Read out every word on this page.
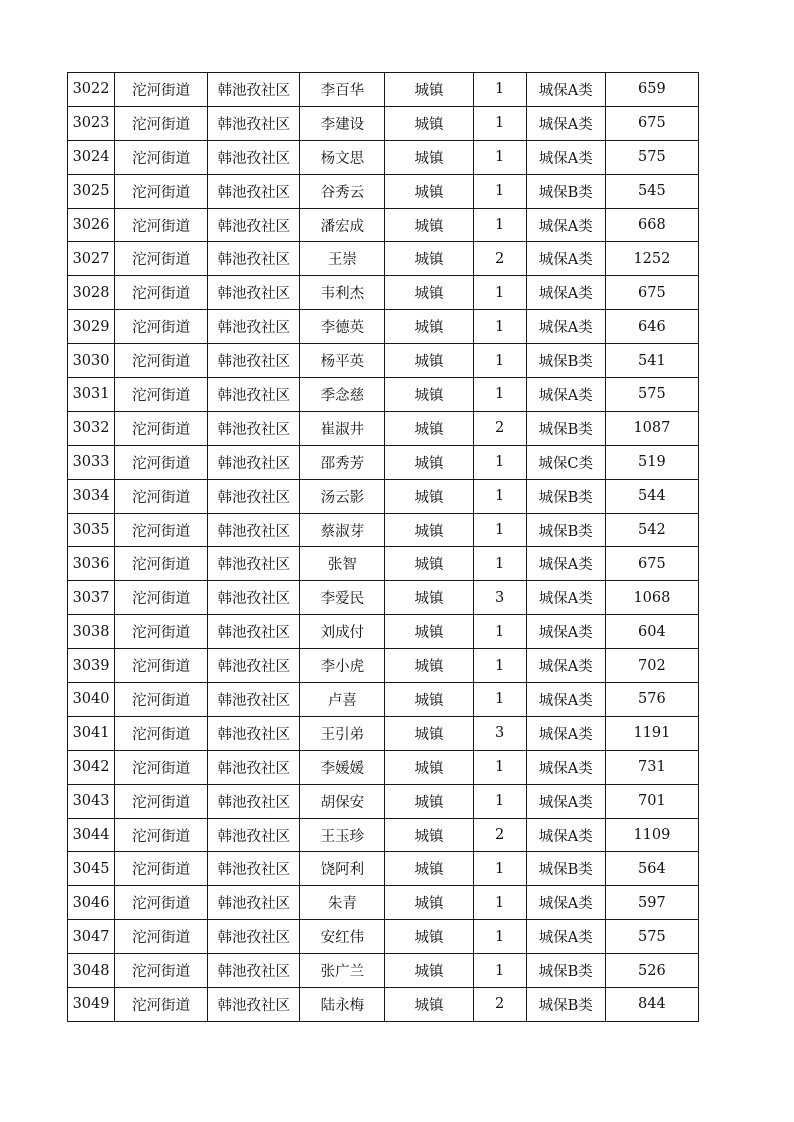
3022	沱河街道	韩池孜社区	李百华	城镇	1	城保A类	659
3023	沱河街道	韩池孜社区	李建设	城镇	1	城保A类	675
3024	沱河街道	韩池孜社区	杨文思	城镇	1	城保A类	575
3025	沱河街道	韩池孜社区	谷秀云	城镇	1	城保B类	545
3026	沱河街道	韩池孜社区	潘宏成	城镇	1	城保A类	668
3027	沱河街道	韩池孜社区	王崇	城镇	2	城保A类	1252
3028	沱河街道	韩池孜社区	韦利杰	城镇	1	城保A类	675
3029	沱河街道	韩池孜社区	李德英	城镇	1	城保A类	646
3030	沱河街道	韩池孜社区	杨平英	城镇	1	城保B类	541
3031	沱河街道	韩池孜社区	季念慈	城镇	1	城保A类	575
3032	沱河街道	韩池孜社区	崔淑井	城镇	2	城保B类	1087
3033	沱河街道	韩池孜社区	邵秀芳	城镇	1	城保C类	519
3034	沱河街道	韩池孜社区	汤云影	城镇	1	城保B类	544
3035	沱河街道	韩池孜社区	蔡淑芽	城镇	1	城保B类	542
3036	沱河街道	韩池孜社区	张智	城镇	1	城保A类	675
3037	沱河街道	韩池孜社区	李爱民	城镇	3	城保A类	1068
3038	沱河街道	韩池孜社区	刘成付	城镇	1	城保A类	604
3039	沱河街道	韩池孜社区	李小虎	城镇	1	城保A类	702
3040	沱河街道	韩池孜社区	卢喜	城镇	1	城保A类	576
3041	沱河街道	韩池孜社区	王引弟	城镇	3	城保A类	1191
3042	沱河街道	韩池孜社区	李媛媛	城镇	1	城保A类	731
3043	沱河街道	韩池孜社区	胡保安	城镇	1	城保A类	701
3044	沱河街道	韩池孜社区	王玉珍	城镇	2	城保A类	1109
3045	沱河街道	韩池孜社区	饶阿利	城镇	1	城保B类	564
3046	沱河街道	韩池孜社区	朱青	城镇	1	城保A类	597
3047	沱河街道	韩池孜社区	安红伟	城镇	1	城保A类	575
3048	沱河街道	韩池孜社区	张广兰	城镇	1	城保B类	526
3049	沱河街道	韩池孜社区	陆永梅	城镇	2	城保B类	844
